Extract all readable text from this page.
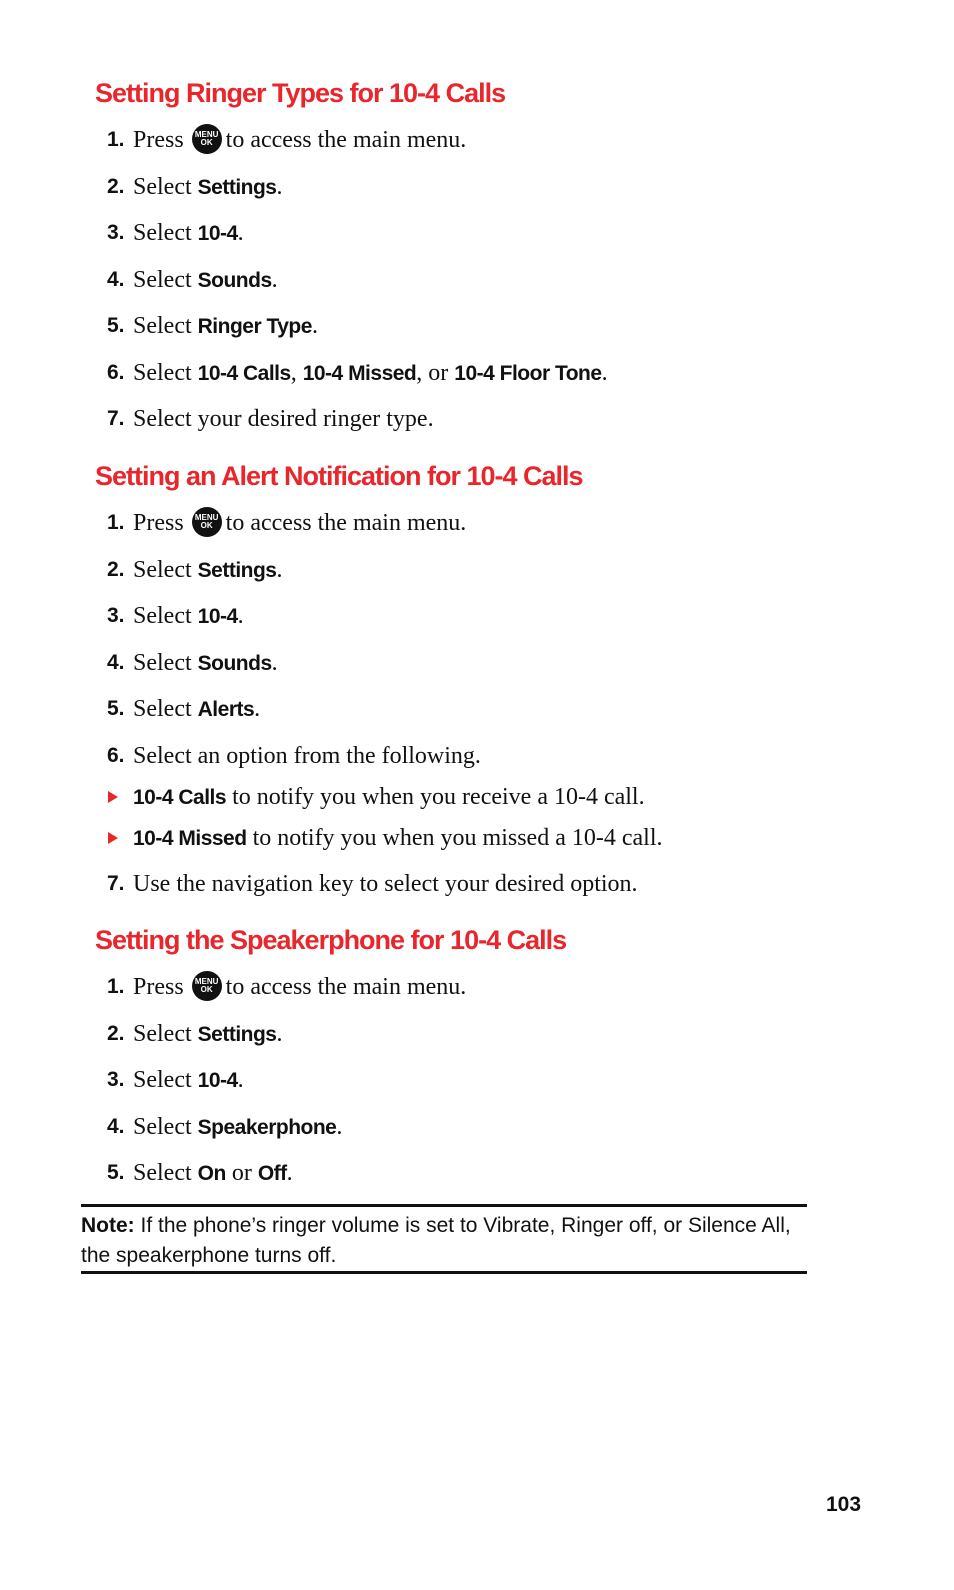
Setting Ringer Types for 10-4 Calls
1. Press	MENU
OK to access the main menu.
2. Select Settings.
3. Select 10-4.
4. Select Sounds.
5. Select Ringer Type.
6. Select 10-4 Calls, 10-4 Missed, or 10-4 Floor Tone.
7. Select your desired ringer type.
Setting an Alert Notification for 10-4 Calls
1. Press	MENU
OK to access the main menu.
2. Select Settings.
3. Select 10-4.
4. Select Sounds.
5. Select Alerts.
6. Select an option from the following.
10-4 Calls to notify you when you receive a 10-4 call.
10-4 Missed to notify you when you missed a 10-4 call.
7. Use the navigation key to select your desired option.
Setting the Speakerphone for 10-4 Calls
1. Press	MENU
OK to access the main menu.
2. Select Settings.
3. Select 10-4.
4. Select Speakerphone.
5. Select On or Off.
Note: If the phone’s ringer volume is set to Vibrate, Ringer off, or Silence All, the speakerphone turns off.
103
